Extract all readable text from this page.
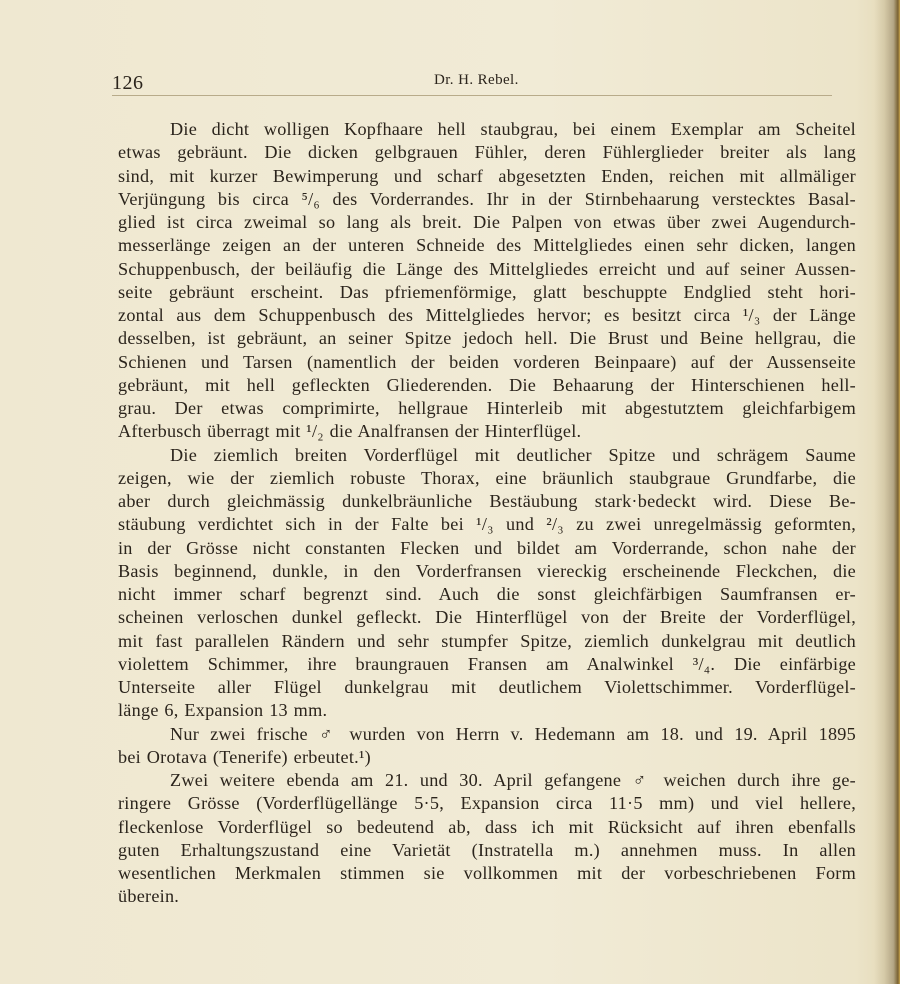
126	Dr. H. Rebel.
Die dicht wolligen Kopfhaare hell staubgrau, bei einem Exemplar am Scheitel
etwas gebräunt. Die dicken gelbgrauen Fühler, deren Fühlerglieder breiter als lang
sind, mit kurzer Bewimperung und scharf abgesetzten Enden, reichen mit allmäliger
Verjüngung bis circa ⁵/₆ des Vorderrandes. Ihr in der Stirnbehaarung verstecktes Basal-
glied ist circa zweimal so lang als breit. Die Palpen von etwas über zwei Augendurch-
messerlänge zeigen an der unteren Schneide des Mittelgliedes einen sehr dicken, langen
Schuppenbusch, der beiläufig die Länge des Mittelgliedes erreicht und auf seiner Aussen-
seite gebräunt erscheint. Das pfriemenförmige, glatt beschuppte Endglied steht hori-
zontal aus dem Schuppenbusch des Mittelgliedes hervor; es besitzt circa ¹/₃ der Länge
desselben, ist gebräunt, an seiner Spitze jedoch hell. Die Brust und Beine hellgrau, die
Schienen und Tarsen (namentlich der beiden vorderen Beinpaare) auf der Aussenseite
gebräunt, mit hell gefleckten Gliederenden. Die Behaarung der Hinterschienen hell-
grau. Der etwas comprimirte, hellgraue Hinterleib mit abgestutztem gleichfarbigem
Afterbusch überragt mit ¹/₂ die Analfransen der Hinterflügel.
Die ziemlich breiten Vorderflügel mit deutlicher Spitze und schrägem Saume
zeigen, wie der ziemlich robuste Thorax, eine bräunlich staubgraue Grundfarbe, die
aber durch gleichmässig dunkelbräunliche Bestäubung stark·bedeckt wird. Diese Be-
stäubung verdichtet sich in der Falte bei ¹/₃ und ²/₃ zu zwei unregelmässig geformten,
in der Grösse nicht constanten Flecken und bildet am Vorderrande, schon nahe der
Basis beginnend, dunkle, in den Vorderfransen viereckig erscheinende Fleckchen, die
nicht immer scharf begrenzt sind. Auch die sonst gleichfärbigen Saumfransen er-
scheinen verloschen dunkel gefleckt. Die Hinterflügel von der Breite der Vorderflügel,
mit fast parallelen Rändern und sehr stumpfer Spitze, ziemlich dunkelgrau mit deutlich
violettem Schimmer, ihre braungrauen Fransen am Analwinkel ³/₄. Die einfärbige
Unterseite aller Flügel dunkelgrau mit deutlichem Violettschimmer. Vorderflügel-
länge 6, Expansion 13 mm.
Nur zwei frische ♂ wurden von Herrn v. Hedemann am 18. und 19. April 1895
bei Orotava (Tenerife) erbeutet.¹)
Zwei weitere ebenda am 21. und 30. April gefangene ♂ weichen durch ihre ge-
ringere Grösse (Vorderflügellänge 5·5, Expansion circa 11·5 mm) und viel hellere,
fleckenlose Vorderflügel so bedeutend ab, dass ich mit Rücksicht auf ihren ebenfalls
guten Erhaltungszustand eine Varietät (Instratella m.) annehmen muss. In allen
wesentlichen Merkmalen stimmen sie vollkommen mit der vorbeschriebenen Form
überein.
